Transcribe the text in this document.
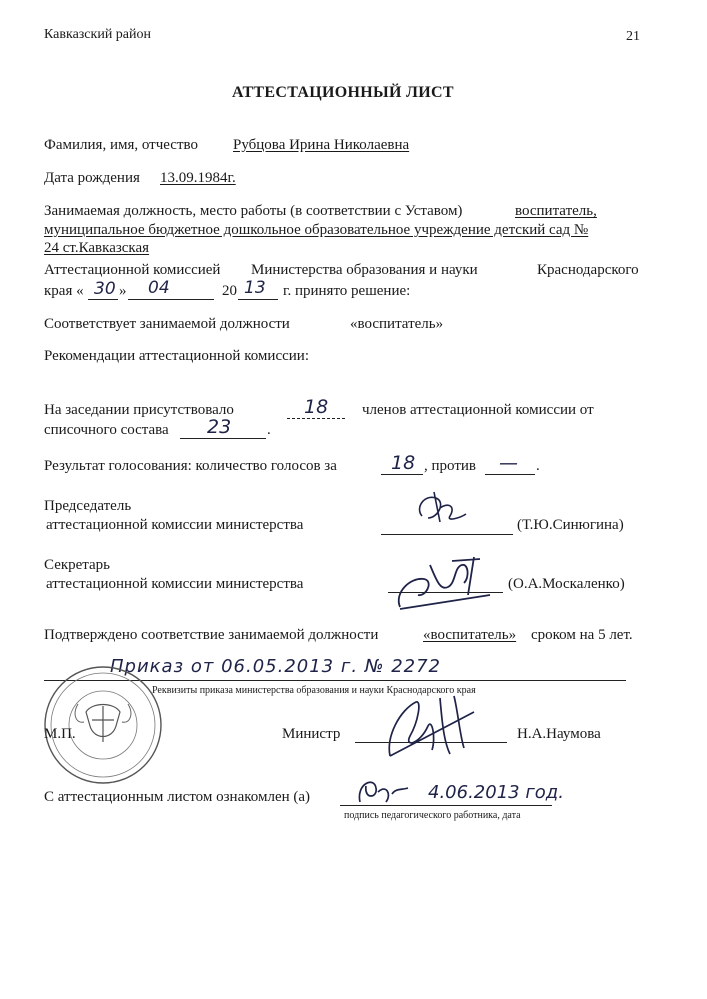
Кавказский район	21
АТТЕСТАЦИОННЫЙ ЛИСТ
Фамилия, имя, отчество Рубцова Ирина Николаевна
Дата рождения 13.09.1984г.
Занимаемая должность, место работы (в соответствии с Уставом)	воспитатель,
муниципальное бюджетное дошкольное образовательное учреждение детский сад №
24 ст.Кавказская
Аттестационной комиссией Министерства образования и науки	Краснодарского
края « 30 » 04	20 13 г. принято решение:
Соответствует занимаемой должности	«воспитатель»
Рекомендации аттестационной комиссии:
На заседании присутствовало	18 членов аттестационной комиссии от
списочного состава 23 .
Результат голосования: количество голосов за	18 , против — .
Председатель
аттестационной комиссии министерства	(Т.Ю.Синюгина)
Секретарь
аттестационной комиссии министерства	(О.А.Москаленко)
Подтверждено соответствие занимаемой должности	«воспитатель» сроком на 5 лет.
Приказ от 06.05.2013 г. № 2272
Реквизиты приказа министерства образования и науки Краснодарского края
М.П.	Министр	Н.А.Наумова
С аттестационным листом ознакомлен (а)	4.06.2013 год.
подпись педагогического работника, дата
